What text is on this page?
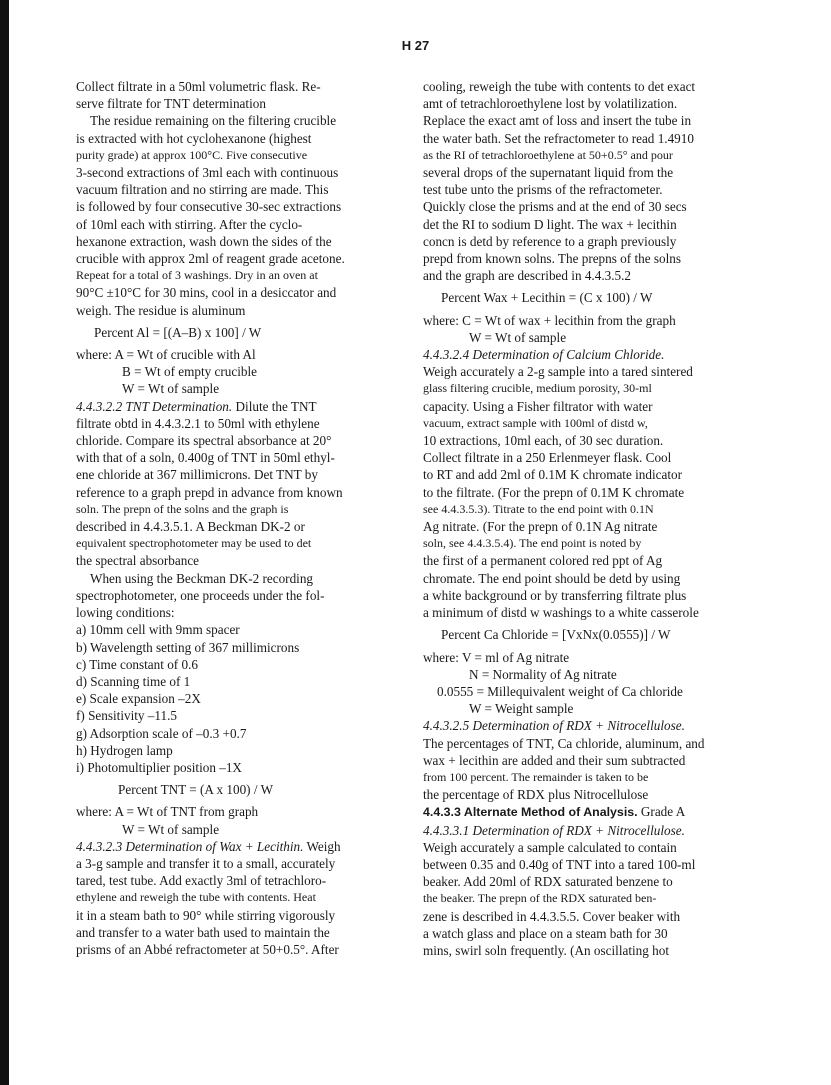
H 27
Collect filtrate in a 50ml volumetric flask. Re-
serve filtrate for TNT determination
The residue remaining on the filtering crucible
is extracted with hot cyclohexanone (highest
purity grade) at approx 100°C. Five consecutive
3-second extractions of 3ml each with continuous
vacuum filtration and no stirring are made. This
is followed by four consecutive 30-sec extractions
of 10ml each with stirring. After the cyclo-
hexanone extraction, wash down the sides of the
crucible with approx 2ml of reagent grade acetone.
Repeat for a total of 3 washings. Dry in an oven at
90°C ±10°C for 30 mins, cool in a desiccator and
weigh. The residue is aluminum
Percent Al = [(A–B) x 100] / W
where: A = Wt of crucible with Al
B = Wt of empty crucible
W = Wt of sample
4.4.3.2.2 TNT Determination. Dilute the TNT
filtrate obtd in 4.4.3.2.1 to 50ml with ethylene
chloride. Compare its spectral absorbance at 20°
with that of a soln, 0.400g of TNT in 50ml ethyl-
ene chloride at 367 millimicrons. Det TNT by
reference to a graph prepd in advance from known
soln. The prepn of the solns and the graph is
described in 4.4.3.5.1. A Beckman DK-2 or
equivalent spectrophotometer may be used to det
the spectral absorbance
When using the Beckman DK-2 recording
spectrophotometer, one proceeds under the fol-
lowing conditions:
a) 10mm cell with 9mm spacer
b) Wavelength setting of 367 millimicrons
c) Time constant of 0.6
d) Scanning time of 1
e) Scale expansion –2X
f) Sensitivity –11.5
g) Adsorption scale of –0.3 +0.7
h) Hydrogen lamp
i) Photomultiplier position –1X
Percent TNT = (A x 100) / W
where: A = Wt of TNT from graph
W = Wt of sample
4.4.3.2.3 Determination of Wax + Lecithin. Weigh
a 3-g sample and transfer it to a small, accurately
tared, test tube. Add exactly 3ml of tetrachloro-
ethylene and reweigh the tube with contents. Heat
it in a steam bath to 90° while stirring vigorously
and transfer to a water bath used to maintain the
prisms of an Abbé refractometer at 50+0.5°. After
cooling, reweigh the tube with contents to det exact
amt of tetrachloroethylene lost by volatilization.
Replace the exact amt of loss and insert the tube in
the water bath. Set the refractometer to read 1.4910
as the RI of tetrachloroethylene at 50+0.5° and pour
several drops of the supernatant liquid from the
test tube unto the prisms of the refractometer.
Quickly close the prisms and at the end of 30 secs
det the RI to sodium D light. The wax + lecithin
concn is detd by reference to a graph previously
prepd from known solns. The prepns of the solns
and the graph are described in 4.4.3.5.2
Percent Wax + Lecithin = (C x 100) / W
where: C = Wt of wax + lecithin from the graph
W = Wt of sample
4.4.3.2.4 Determination of Calcium Chloride.
Weigh accurately a 2-g sample into a tared sintered
glass filtering crucible, medium porosity, 30-ml
capacity. Using a Fisher filtrator with water
vacuum, extract sample with 100ml of distd w,
10 extractions, 10ml each, of 30 sec duration.
Collect filtrate in a 250 Erlenmeyer flask. Cool
to RT and add 2ml of 0.1M K chromate indicator
to the filtrate. (For the prepn of 0.1M K chromate
see 4.4.3.5.3). Titrate to the end point with 0.1N
Ag nitrate. (For the prepn of 0.1N Ag nitrate
soln, see 4.4.3.5.4). The end point is noted by
the first of a permanent colored red ppt of Ag
chromate. The end point should be detd by using
a white background or by transferring filtrate plus
a minimum of distd w washings to a white casserole
Percent Ca Chloride = [VxNx(0.0555)] / W
where: V = ml of Ag nitrate
N = Normality of Ag nitrate
0.0555 = Millequivalent weight of Ca chloride
W = Weight sample
4.4.3.2.5 Determination of RDX + Nitrocellulose.
The percentages of TNT, Ca chloride, aluminum, and
wax + lecithin are added and their sum subtracted
from 100 percent. The remainder is taken to be
the percentage of RDX plus Nitrocellulose
4.4.3.3 Alternate Method of Analysis. Grade A
4.4.3.3.1 Determination of RDX + Nitrocellulose.
Weigh accurately a sample calculated to contain
between 0.35 and 0.40g of TNT into a tared 100-ml
beaker. Add 20ml of RDX saturated benzene to
the beaker. The prepn of the RDX saturated ben-
zene is described in 4.4.3.5.5. Cover beaker with
a watch glass and place on a steam bath for 30
mins, swirl soln frequently. (An oscillating hot
